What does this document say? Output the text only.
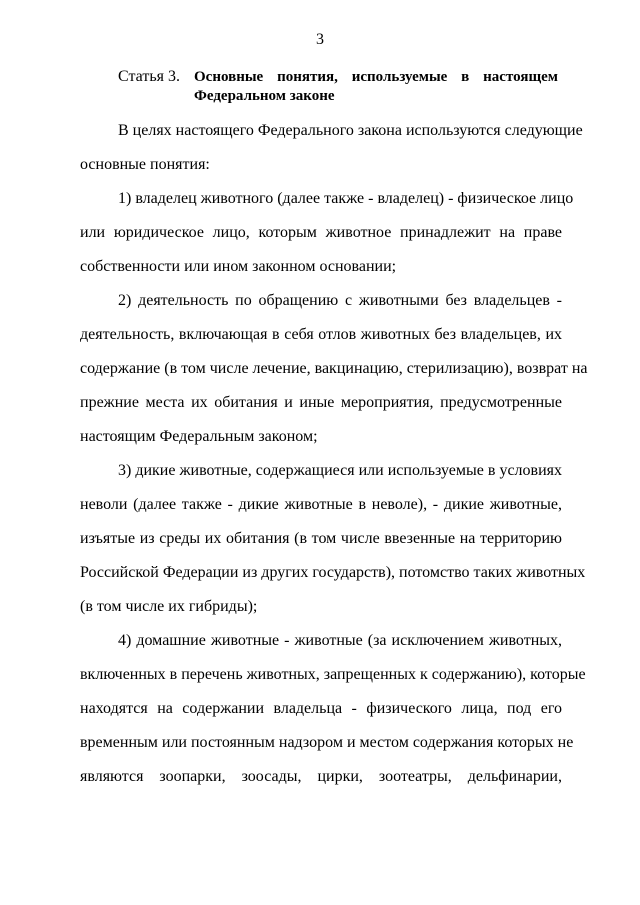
3
Статья 3. Основные понятия, используемые в настоящем
Федеральном законе
В целях настоящего Федерального закона используются следующие
основные понятия:
1) владелец животного (далее также - владелец) - физическое лицо
или юридическое лицо, которым животное принадлежит на праве
собственности или ином законном основании;
2) деятельность по обращению с животными без владельцев -
деятельность, включающая в себя отлов животных без владельцев, их
содержание (в том числе лечение, вакцинацию, стерилизацию), возврат на
прежние места их обитания и иные мероприятия, предусмотренные
настоящим Федеральным законом;
3) дикие животные, содержащиеся или используемые в условиях
неволи (далее также - дикие животные в неволе), - дикие животные,
изъятые из среды их обитания (в том числе ввезенные на территорию
Российской Федерации из других государств), потомство таких животных
(в том числе их гибриды);
4) домашние животные - животные (за исключением животных,
включенных в перечень животных, запрещенных к содержанию), которые
находятся на содержании владельца - физического лица, под его
временным или постоянным надзором и местом содержания которых не
являются зоопарки, зоосады, цирки, зоотеатры, дельфинарии,
